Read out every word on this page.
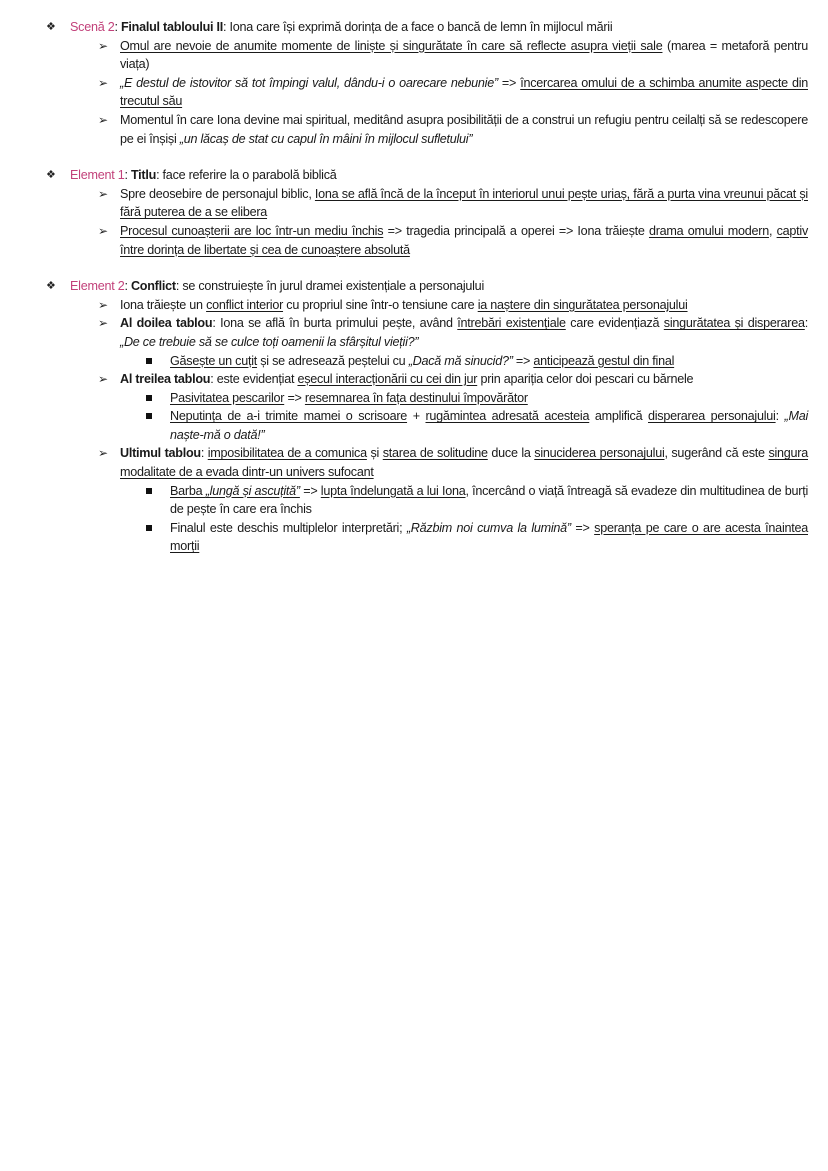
❖ Scenă 2: Finalul tabloului II: Iona care își exprimă dorința de a face o bancă de lemn în mijlocul mării
➢ Omul are nevoie de anumite momente de liniște și singurătate în care să reflecte asupra vieții sale (marea = metaforă pentru viața)
➢ „E destul de istovitor să tot împingi valul, dându-i o oarecare nebunie” => încercarea omului de a schimba anumite aspecte din trecutul său
➢ Momentul în care Iona devine mai spiritual, meditând asupra posibilității de a construi un refugiu pentru ceilalți să se redescopere pe ei înșiși „un lăcaș de stat cu capul în mâini în mijlocul sufletului”
❖ Element 1: Titlu: face referire la o parabolă biblică
➢ Spre deosebire de personajul biblic, Iona se află încă de la început în interiorul unui pește uriaș, fără a purta vina vreunui păcat și fără puterea de a se elibera
➢ Procesul cunoașterii are loc într-un mediu închis => tragedia principală a operei => Iona trăiește drama omului modern, captiv între dorința de libertate și cea de cunoaștere absolută
❖ Element 2: Conflict: se construiește în jurul dramei existențiale a personajului
➢ Iona trăiește un conflict interior cu propriul sine într-o tensiune care ia naștere din singurătatea personajului
➢ Al doilea tablou: Iona se află în burta primului pește, având întrebări existențiale care evidențiază singurătatea și disperarea: „De ce trebuie să se culce toți oamenii la sfârșitul vieții?”
Găsește un cuțit și se adresează peștelui cu „Dacă mă sinucid?” => anticipează gestul din final
➢ Al treilea tablou: este evidențiat eșecul interacționării cu cei din jur prin apariția celor doi pescari cu bărnele
Pasivitatea pescarilor => resemnarea în fața destinului împovărător
Neputința de a-i trimite mamei o scrisoare + rugămintea adresată acesteia amplifică disperarea personajului: „Mai naște-mă o dată!”
➢ Ultimul tablou: imposibilitatea de a comunica și starea de solitudine duce la sinuciderea personajului, sugerând că este singura modalitate de a evada dintr-un univers sufocant
Barba „lungă și ascuțită” => lupta îndelungată a lui Iona, încercând o viață întreagă să evadeze din multitudinea de burți de pește în care era închis
Finalul este deschis multiplelor interpretări; „Răzbim noi cumva la lumină” => speranța pe care o are acesta înaintea morții
